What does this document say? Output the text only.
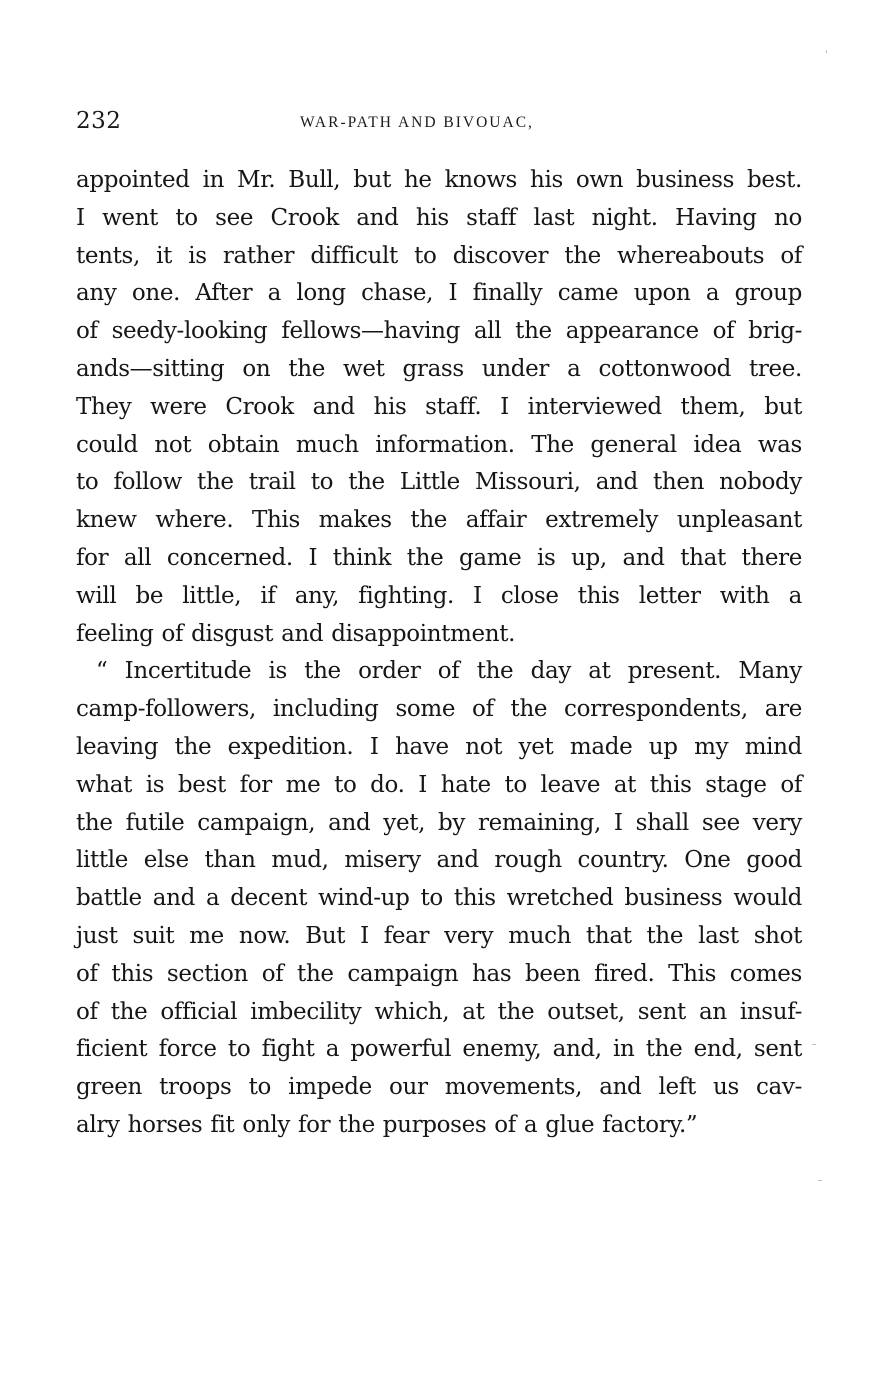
232	WAR-PATH AND BIVOUAC,
appointed in Mr. Bull, but he knows his own business best.
I went to see Crook and his staff last night. Having no
tents, it is rather difficult to discover the whereabouts of
any one. After a long chase, I finally came upon a group
of seedy-looking fellows—having all the appearance of brig-
ands—sitting on the wet grass under a cottonwood tree.
They were Crook and his staff. I interviewed them, but
could not obtain much information. The general idea was
to follow the trail to the Little Missouri, and then nobody
knew where. This makes the affair extremely unpleasant
for all concerned. I think the game is up, and that there
will be little, if any, fighting. I close this letter with a
feeling of disgust and disappointment.
“ Incertitude is the order of the day at present. Many
camp-followers, including some of the correspondents, are
leaving the expedition. I have not yet made up my mind
what is best for me to do. I hate to leave at this stage of
the futile campaign, and yet, by remaining, I shall see very
little else than mud, misery and rough country. One good
battle and a decent wind-up to this wretched business would
just suit me now. But I fear very much that the last shot
of this section of the campaign has been fired. This comes
of the official imbecility which, at the outset, sent an insuf-
ficient force to fight a powerful enemy, and, in the end, sent
green troops to impede our movements, and left us cav-
alry horses fit only for the purposes of a glue factory.”
